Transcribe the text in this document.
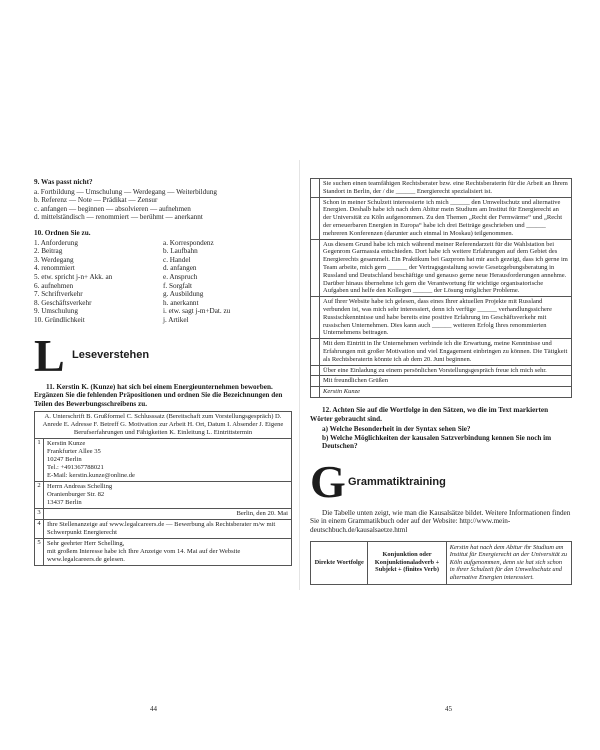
9. Was passt nicht?
a. Fortbildung — Umschulung — Werdegang — Weiterbildung
b. Referenz — Note — Prädikat — Zensur
c. anfangen — beginnen — absolvieren — aufnehmen
d. mittelständisch — renommiert — berühmt — anerkannt
10. Ordnen Sie zu.
1. Anforderung
2. Beitrag
3. Werdegang
4. renommiert
5. etw. spricht j-n+ Akk. an
6. aufnehmen
7. Schriftverkehr
8. Geschäftsverkehr
9. Umschulung
10. Gründlichkeit
a. Korrespondenz
b. Laufbahn
c. Handel
d. anfangen
e. Anspruch
f. Sorgfalt
g. Ausbildung
h. anerkannt
i. etw. sagt j-m+Dat. zu
j. Artikel
L Leseverstehen
11. Kerstin K. (Kunze) hat sich bei einem Energieunternehmen beworben. Ergänzen Sie die fehlenden Präpositionen und ordnen Sie die Bezeichnungen den Teilen des Bewerbungsschreibens zu.
A. Unterschrift B. Grußformel C. Schlusssatz (Bereitschaft zum Vorstellungsgespräch) D. Anrede E. Adresse F. Betreff G. Motivation zur Arbeit H. Ort, Datum I. Absender J. Eigene Berufserfahrungen und Fähigkeiten K. Einleitung L. Eintrittstermin
1 Kerstin Kunze
Frankfurter Allee 35
10247 Berlin
Tel.: +491367788021
E-Mail: kerstin.kunze@online.de
2 Herrn Andreas Schelling
Oranienburger Str. 82
13437 Berlin
3	Berlin, den 20. Mai
4 Ihre Stellenanzeige auf www.legalcareers.de — Bewerbung als Rechtsberater m/w mit Schwerpunkt Energierecht
5 Sehr geehrter Herr Schelling,
mit großem Interesse habe ich Ihre Anzeige vom 14. Mai auf der Website www.legalcareers.de gelesen.
44

Sie suchen einen teamfähigen Rechtsberater bzw. eine Rechtsberaterin für die Arbeit an Ihrem Standort in Berlin, der / die ______ Energierecht spezialisiert ist.

Schon in meiner Schulzeit interessierte ich mich ______ den Umweltschutz und alternative Energien. Deshalb habe ich nach dem Abitur mein Studium am Institut für Energierecht an der Universität zu Köln aufgenommen. Zu den Themen „Recht der Fernwärme“ und „Recht der erneuerbaren Energien in Europa“ habe ich drei Beiträge geschrieben und ______ mehreren Konferenzen (darunter auch einmal in Moskau) teilgenommen.

Aus diesem Grund habe ich mich während meiner Referendarzeit für die Wahlstation bei Gegenrom Garmassia entschieden. Dort habe ich weitere Erfahrungen auf dem Gebiet des Energierechts gesammelt. Ein Praktikum bei Gazprom hat mir auch gezeigt, dass ich gerne im Team arbeite, mich gern ______ der Vertragsgestaltung sowie Gesetzgebungsberatung in Russland und Deutschland beschäftige und genauso gerne neue Herausforderungen annehme. Darüber hinaus übernehme ich gern die Verantwortung für wichtige organisatorische Aufgaben und helfe den Kollegen ______ der Lösung möglicher Probleme.

Auf Ihrer Website habe ich gelesen, dass eines Ihrer aktuellen Projekte mit Russland verbunden ist, was mich sehr interessiert, denn ich verfüge ______ verhandlungssichere Russischkenntnisse und habe bereits eine positive Erfahrung im Geschäftsverkehr mit russischen Unternehmen. Dies kann auch ______ weiteren Erfolg Ihres renommierten Unternehmens beitragen.

Mit dem Eintritt in Ihr Unternehmen verbinde ich die Erwartung, meine Kenntnisse und Erfahrungen mit großer Motivation und viel Engagement einbringen zu können. Die Tätigkeit als Rechtsberaterin könnte ich ab dem 20. Juni beginnen.

Über eine Einladung zu einem persönlichen Vorstellungsgespräch freue ich mich sehr.

Mit freundlichen Grüßen

Kerstin Kunze
12. Achten Sie auf die Wortfolge in den Sätzen, wo die im Text markierten Wörter gebraucht sind.
a) Welche Besonderheit in der Syntax sehen Sie?
b) Welche Möglichkeiten der kausalen Satzverbindung kennen Sie noch im Deutschen?
G Grammatiktraining
Die Tabelle unten zeigt, wie man die Kausalsätze bildet. Weitere Informationen finden Sie in einem Grammatikbuch oder auf der Website: http://www.mein-deutschbuch.de/kausalsaetze.html
Direkte Wortfolge	Konjunktion oder Konjunktionaladverb + Subjekt + (finites Verb)	Kerstin hat nach dem Abitur ihr Studium am Institut für Energierecht an der Universität zu Köln aufgenommen, denn sie hat sich schon in ihrer Schulzeit für den Umweltschutz und alternative Energien interessiert.
45
